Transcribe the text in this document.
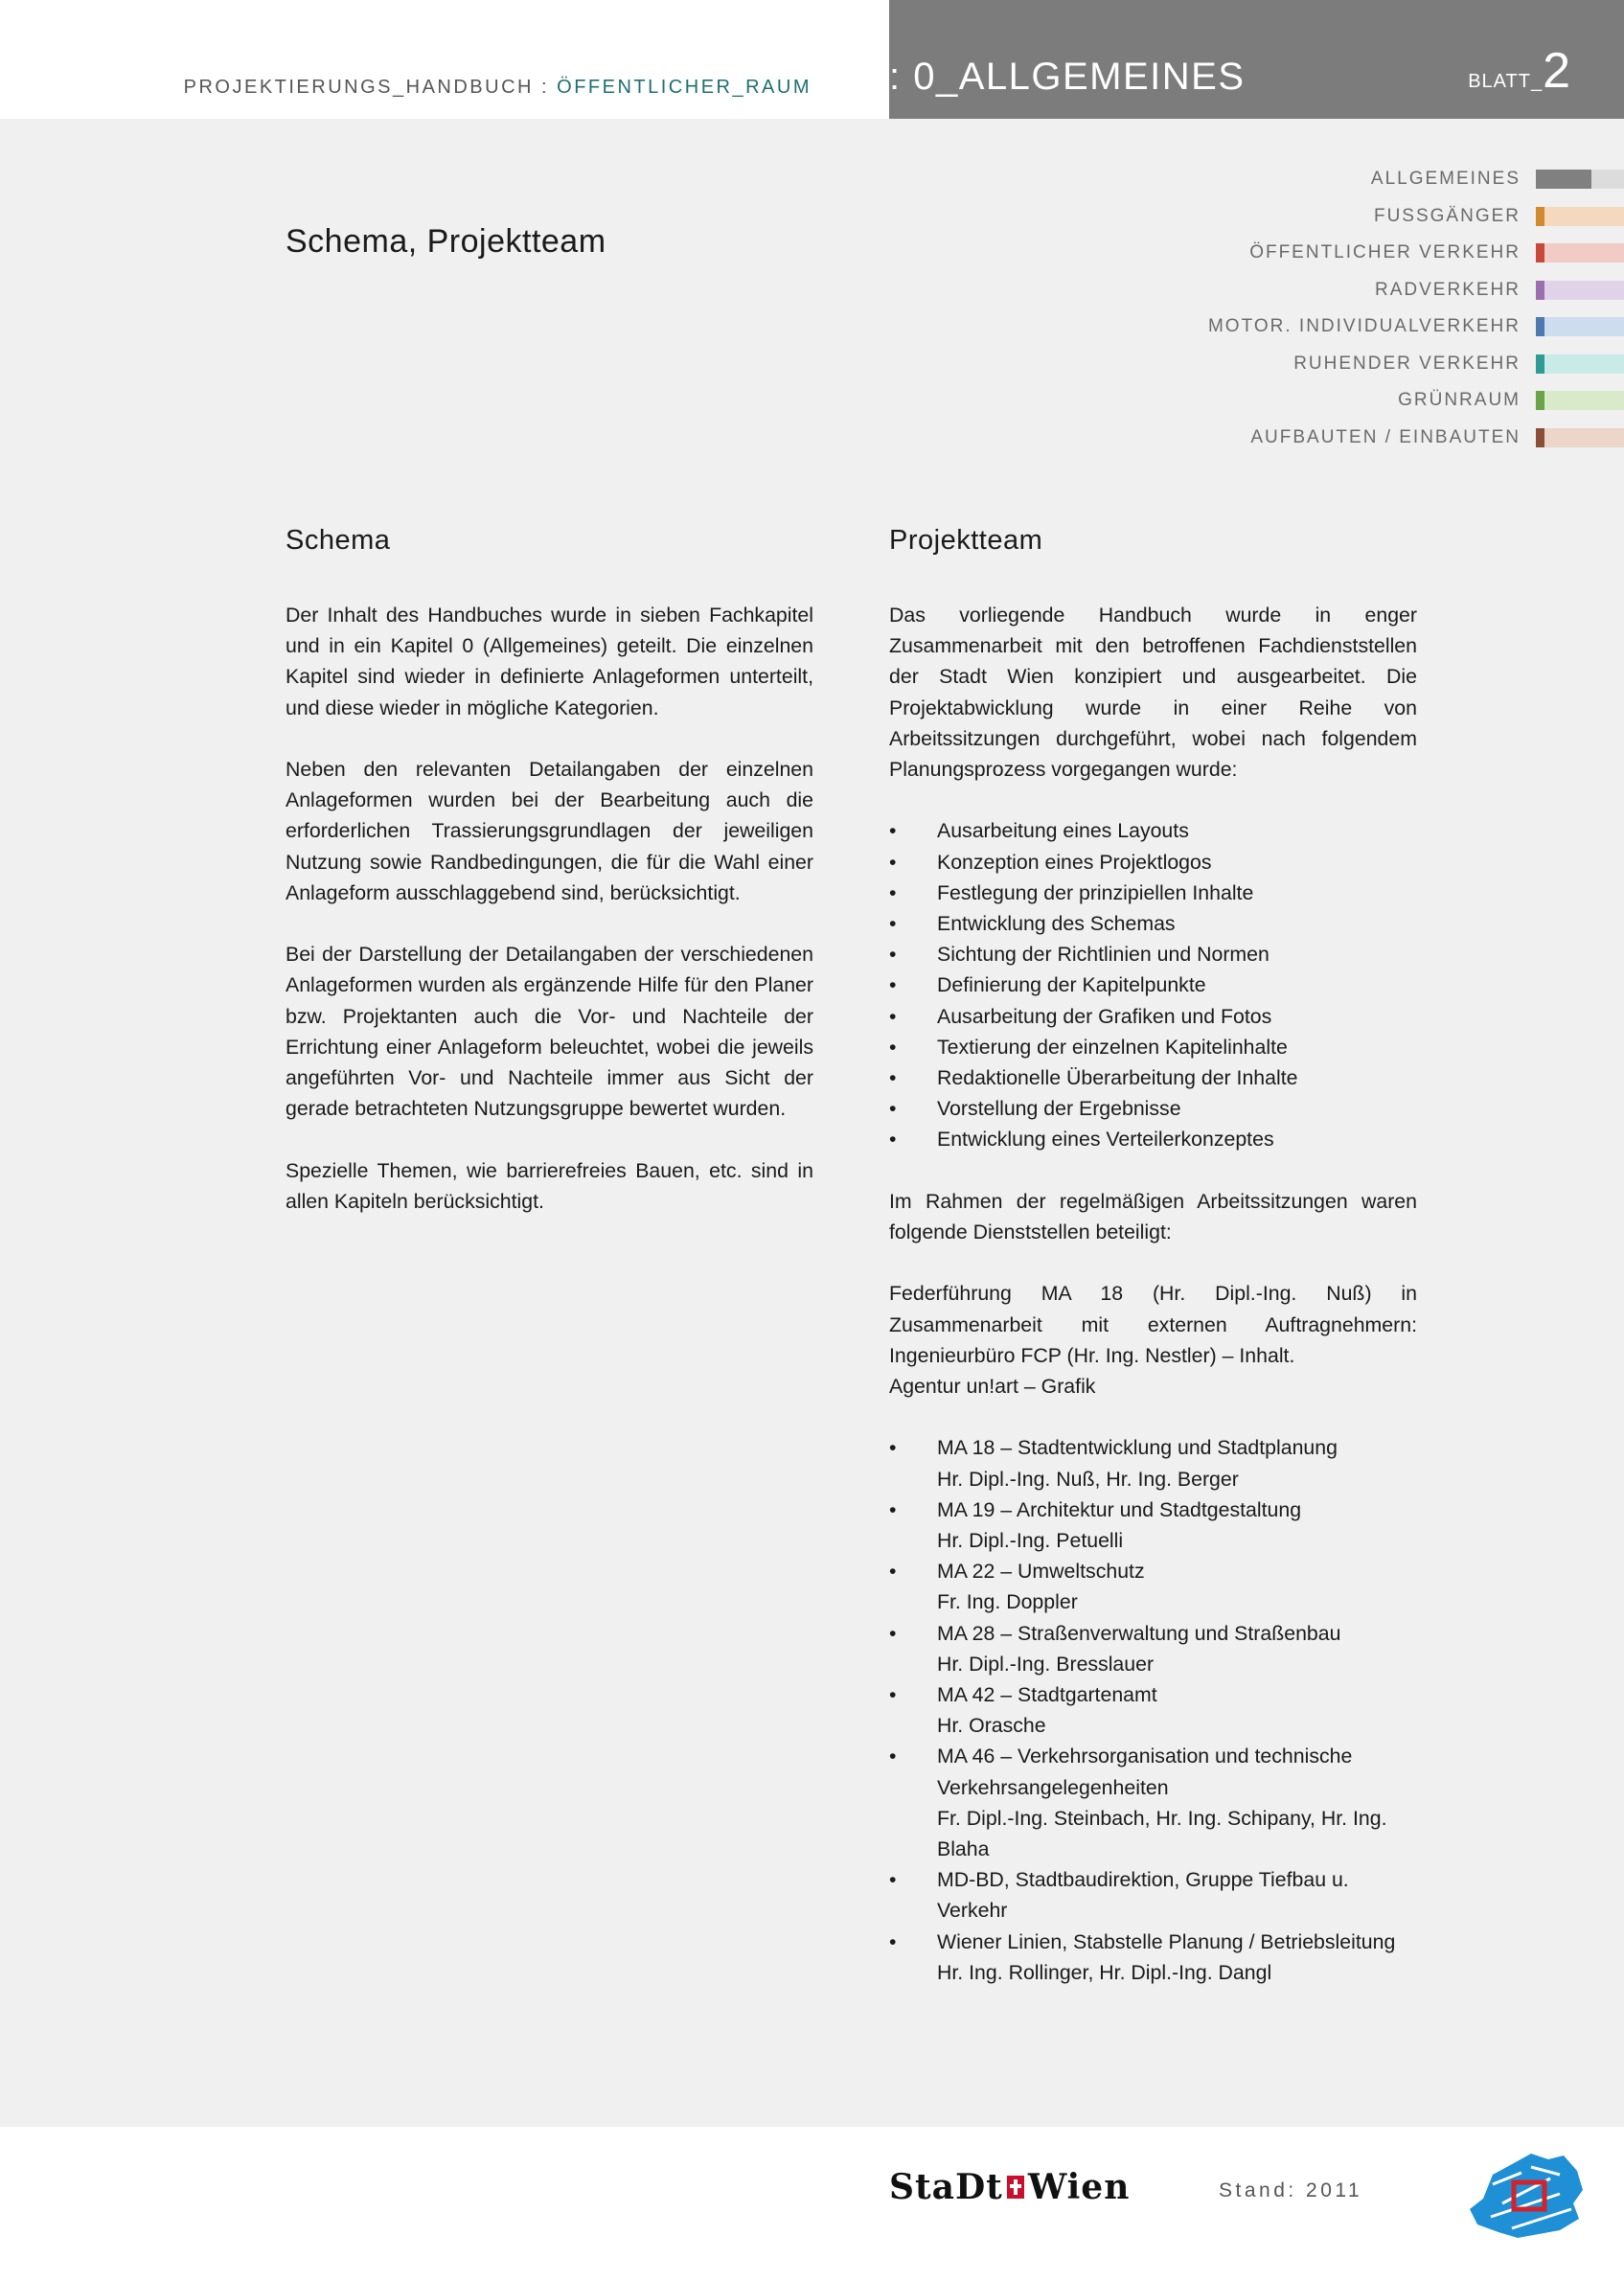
PROJEKTIERUNGS_HANDBUCH : ÖFFENTLICHER_RAUM : 0_ALLGEMEINES	BLATT_2
ALLGEMEINES
FUSSGÄNGER
ÖFFENTLICHER VERKEHR
RADVERKEHR
MOTOR. INDIVIDUALVERKEHR
RUHENDER VERKEHR
GRÜNRAUM
AUFBAUTEN / EINBAUTEN
Schema, Projektteam
Schema	Projektteam

Der Inhalt des Handbuches wurde in sieben Fachkapitel und in ein Kapitel 0 (Allgemeines) geteilt. Die einzelnen Kapitel sind wieder in definierte Anlageformen unterteilt, und diese wieder in mögliche Kategorien.

Neben den relevanten Detailangaben der einzelnen Anlageformen wurden bei der Bearbeitung auch die erforderlichen Trassierungsgrundlagen der jeweiligen Nutzung sowie Randbedingungen, die für die Wahl einer Anlageform ausschlaggebend sind, berücksichtigt.

Bei der Darstellung der Detailangaben der verschiedenen Anlageformen wurden als ergänzende Hilfe für den Planer bzw. Projektanten auch die Vor- und Nachteile der Errichtung einer Anlageform beleuchtet, wobei die jeweils angeführten Vor- und Nachteile immer aus Sicht der gerade betrachteten Nutzungsgruppe bewertet wurden.

Spezielle Themen, wie barrierefreies Bauen, etc. sind in allen Kapiteln berücksichtigt.

Das vorliegende Handbuch wurde in enger Zusammenarbeit mit den betroffenen Fachdienststellen der Stadt Wien konzipiert und ausgearbeitet. Die Projektabwicklung wurde in einer Reihe von Arbeitssitzungen durchgeführt, wobei nach folgendem Planungsprozess vorgegangen wurde:

• Ausarbeitung eines Layouts
• Konzeption eines Projektlogos
• Festlegung der prinzipiellen Inhalte
• Entwicklung des Schemas
• Sichtung der Richtlinien und Normen
• Definierung der Kapitelpunkte
• Ausarbeitung der Grafiken und Fotos
• Textierung der einzelnen Kapitelinhalte
• Redaktionelle Überarbeitung der Inhalte
• Vorstellung der Ergebnisse
• Entwicklung eines Verteilerkonzeptes

Im Rahmen der regelmäßigen Arbeitssitzungen waren folgende Dienststellen beteiligt:

Federführung MA 18 (Hr. Dipl.-Ing. Nuß) in Zusammenarbeit mit externen Auftragnehmern: Ingenieurbüro FCP (Hr. Ing. Nestler) – Inhalt.
Agentur un!art – Grafik

• MA 18 – Stadtentwicklung und Stadtplanung
Hr. Dipl.-Ing. Nuß, Hr. Ing. Berger
• MA 19 – Architektur und Stadtgestaltung
Hr. Dipl.-Ing. Petuelli
• MA 22 – Umweltschutz
Fr. Ing. Doppler
• MA 28 – Straßenverwaltung und Straßenbau
Hr. Dipl.-Ing. Bresslauer
• MA 42 – Stadtgartenamt
Hr. Orasche
• MA 46 – Verkehrsorganisation und technische Verkehrsangelegenheiten
Fr. Dipl.-Ing. Steinbach, Hr. Ing. Schipany, Hr. Ing. Blaha
• MD-BD, Stadtbaudirektion, Gruppe Tiefbau u. Verkehr
• Wiener Linien, Stabstelle Planung / Betriebsleitung
Hr. Ing. Rollinger, Hr. Dipl.-Ing. Dangl
StaDt Wien	Stand: 2011
